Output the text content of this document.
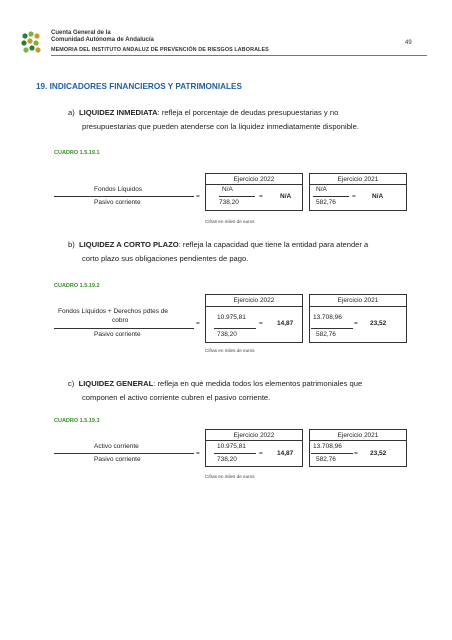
Cuenta General de la
Comunidad Autónoma de Andalucía
MEMORIA DEL INSTITUTO ANDALUZ DE PREVENCIÓN DE RIESGOS LABORALES
49
19. INDICADORES FINANCIEROS Y PATRIMONIALES
a) LIQUIDEZ INMEDIATA: refleja el porcentaje de deudas presupuestarias y no
presupuestarias que pueden atenderse con la liquidez inmediatamente disponible.
CUADRO 1.5.19.1
Ejercicio 2022	Ejercicio 2021
Fondos Líquidos
Pasivo corriente
=
N/A
738,20
=	N/A
N/A
582,76
= N/A
Cifras en miles de euros
b) LIQUIDEZ A CORTO PLAZO: refleja la capacidad que tiene la entidad para atender a
corto plazo sus obligaciones pendientes de pago.
CUADRO 1.5.19.2
Ejercicio 2022	Ejercicio 2021
Fondos Líquidos + Derechos pdtes de
cobro
Pasivo corriente
=
10.975,81
738,20
= 14,87
13.708,96
582,76
= 23,52
Cifras en miles de euros
c) LIQUIDEZ GENERAL: refleja en qué medida todos los elementos patrimoniales que
componen el activo corriente cubren el pasivo corriente.
CUADRO 1.5.19.3
Ejercicio 2022	Ejercicio 2021
Activo corriente
Pasivo corriente
=
10.975,81
738,20
= 14,87
13.708,96
582,76
= 23,52
Cifras en miles de euros
